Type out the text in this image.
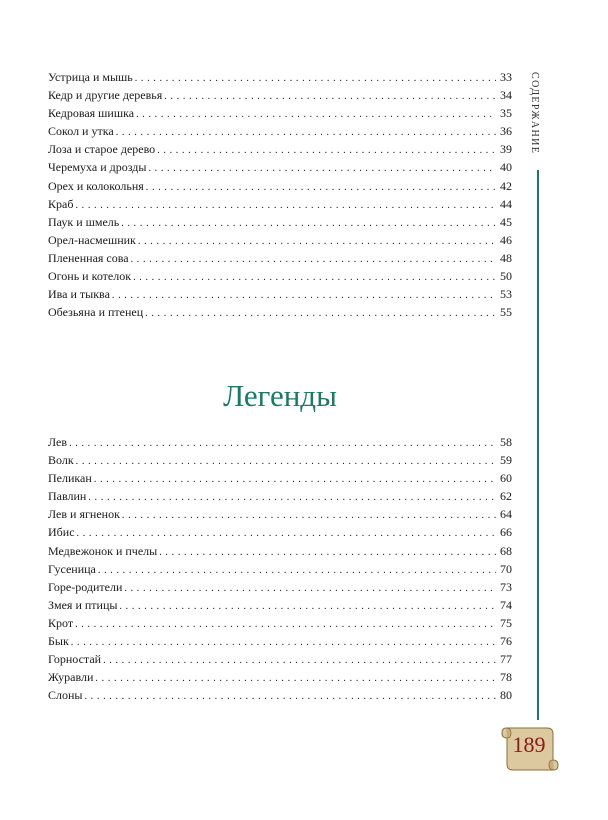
Устрица и мышь . . .	33
Кедр и другие деревья . . .	34
Кедровая шишка . . .	35
Сокол и утка . . .	36
Лоза и старое дерево . . .	39
Черемуха и дрозды . . .	40
Орех и колокольня . . .	42
Краб . . .	44
Паук и шмель . . .	45
Орел-насмешник . . .	46
Плененная сова . . .	48
Огонь и котелок . . .	50
Ива и тыква . . .	53
Обезьяна и птенец . . .	55
Легенды
Лев . . .	58
Волк . . .	59
Пеликан . . .	60
Павлин . . .	62
Лев и ягненок . . .	64
Ибис . . .	66
Медвежонок и пчелы . . .	68
Гусеница . . .	70
Горе-родители . . .	73
Змея и птицы . . .	74
Крот . . .	75
Бык . . .	76
Горностай . . .	77
Журавли . . .	78
Слоны . . .	80
СОДЕРЖАНИЕ
189
